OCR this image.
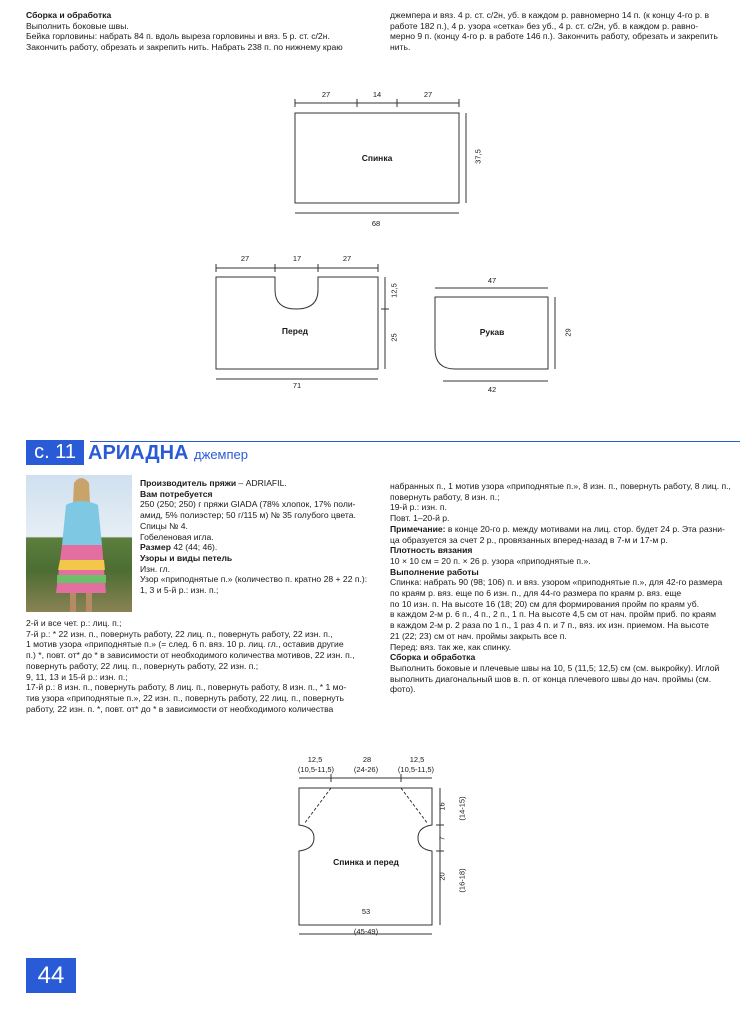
Сборка и обработка

Выполнить боковые швы.

Бейка горловины: набрать 84 п. вдоль выреза горловины и вяз. 5 р. ст. с/2н.

Закончить работу, обрезать и закрепить нить. Набрать 238 п. по нижнему краю

джемпера и вяз. 4 р. ст. с/2н, уб. в каждом р. равномерно 14 п. (к концу 4-го р. в

работе 182 п.), 4 р. узора «сетка» без уб., 4 р. ст. с/2н, уб. в каждом р. равно-

мерно 9 п. (концу 4-го р. в работе 146 п.). Закончить работу, обрезать и закрепить

нить.

27	14	27
37,5
68
Спинка
27	17	27
12,5
25
71
Перед
47
29
42
Рукав
с. 11 АРИАДНА джемпер

Производитель пряжи – ADRIAFIL.

Вам потребуется

250 (250; 250) г пряжи GIADA (78% хлопок, 17% поли-

амид, 5% полиэстер; 50 г/115 м) № 35 голубого цвета.

Спицы № 4.

Гобеленовая игла.

Размер 42 (44; 46).

Узоры и виды петель

Изн. гл.

Узор «приподнятые п.» (количество п. кратно 28 + 22 п.):

1, 3 и 5-й р.: изн. п.;

2-й и все чет. р.: лиц. п.;

7-й р.: * 22 изн. п., повернуть работу, 22 лиц. п., повернуть работу, 22 изн. п.,

1 мотив узора «приподнятые п.» (= след. 6 п. вяз. 10 р. лиц. гл., оставив другие

п.) *, повт. от* до * в зависимости от необходимого количества мотивов, 22 изн. п.,

повернуть работу, 22 лиц. п., повернуть работу, 22 изн. п.;

9, 11, 13 и 15-й р.: изн. п.;

17-й р.: 8 изн. п., повернуть работу, 8 лиц. п., повернуть работу, 8 изн. п., * 1 мо-

тив узора «приподнятые п.», 22 изн. п., повернуть работу, 22 лиц. п., повернуть

работу, 22 изн. п. *, повт. от* до * в зависимости от необходимого количества

набранных п., 1 мотив узора «приподнятые п.», 8 изн. п., повернуть работу, 8 лиц. п.,

повернуть работу, 8 изн. п.;

19-й р.: изн. п.

Повт. 1–20-й р.

Примечание: в конце 20-го р. между мотивами на лиц. стор. будет 24 р. Эта разни-

ца образуется за счет 2 р., провязанных вперед-назад в 7-м и 17-м р.

Плотность вязания

10 × 10 см = 20 п. × 26 р. узора «приподнятые п.».

Выполнение работы

Спинка: набрать 90 (98; 106) п. и вяз. узором «приподнятые п.», для 42-го размера

по краям р. вяз. еще по 6 изн. п., для 44-го размера по краям р. вяз. еще

по 10 изн. п. На высоте 16 (18; 20) см для формирования пройм по краям уб.

в каждом 2-м р. 6 п., 4 п., 2 п., 1 п. На высоте 4,5 см от нач. пройм приб. по краям

в каждом 2-м р. 2 раза по 1 п., 1 раз 4 п. и 7 п., вяз. их изн. приемом. На высоте

21 (22; 23) см от нач. проймы закрыть все п.

Перед: вяз. так же, как спинку.

Сборка и обработка

Выполнить боковые и плечевые швы на 10, 5 (11,5; 12,5) см (см. выкройку). Иглой

выполнить диагональный шов в. п. от конца плечевого швы до нач. проймы (см.

фото).

12,5
(10,5-11,5)
28
(24-26)
12,5
(10,5-11,5)
16 (14-15)
7
20 (16-18)
53
(45-49)
Спинка и перед
44
